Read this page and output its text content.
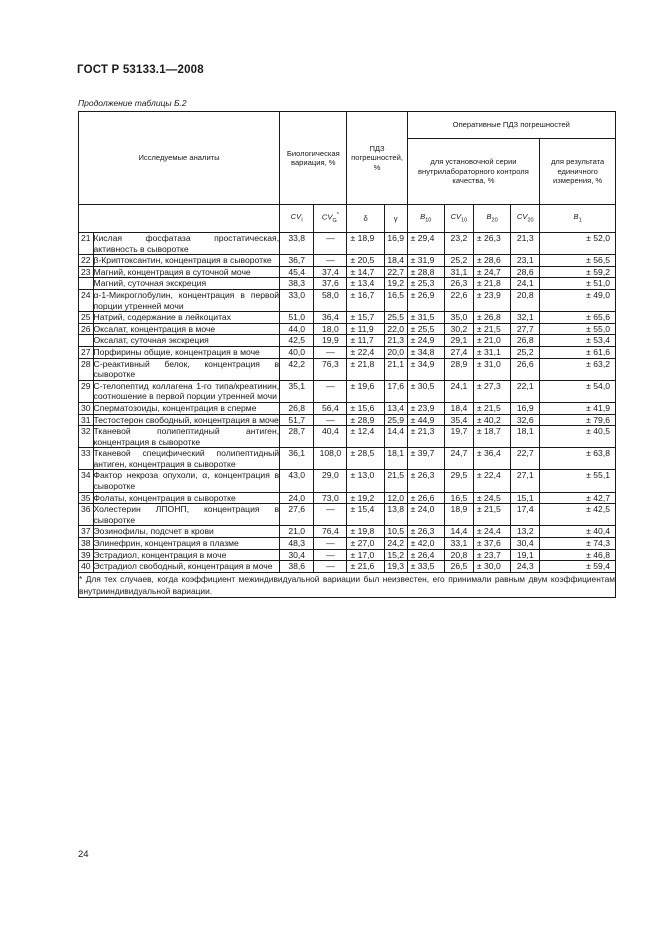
ГОСТ Р 53133.1—2008
Продолжение таблицы Б.2
Исследуемые аналиты		Биологическая вариация, %		ПДЗ погрешностей, %		Оперативные ПДЗ погрешностей				
						для установочной серии внутрилабораторного контроля качества, %				для результата единичного измерения, %
		$CV_I$	$CV_G^*$	δ	γ	$B_{10}$	$CV_{10}$	$B_{20}$	$CV_{20}$	$B_1$
21	Кислая фосфатаза простатическая, активность в сыворотке	33,8	—	± 18,9	16,9	± 29,4	23,2	± 26,3	21,3	± 52,0
22	β-Криптоксантин, концентрация в сыворотке	36,7	—	± 20,5	18,4	± 31,9	25,2	± 28,6	23,1	± 56,5
23	Магний, концентрация в суточной моче	45,4	37,4	± 14,7	22,7	± 28,8	31,1	± 24,7	28,6	± 59,2
	Магний, суточная экскреция	38,3	37,6	± 13,4	19,2	± 25,3	26,3	± 21,8	24,1	± 51,0
24	α-1-Микроглобулин, концентрация в первой порции утренней мочи	33,0	58,0	± 16,7	16,5	± 26,9	22,6	± 23,9	20,8	± 49,0
25	Натрий, содержание в лейкоцитах	51,0	36,4	± 15,7	25,5	± 31,5	35,0	± 26,8	32,1	± 65,6
26	Оксалат, концентрация в моче	44,0	18,0	± 11,9	22,0	± 25,5	30,2	± 21,5	27,7	± 55,0
	Оксалат, суточная экскреция	42,5	19,9	± 11,7	21,3	± 24,9	29,1	± 21,0	26,8	± 53,4
27	Порфирины общие, концентрация в моче	40,0	—	± 22,4	20,0	± 34,8	27,4	± 31,1	25,2	± 61,6
28	С-реактивный белок, концентрация в сыворотке	42,2	76,3	± 21,8	21,1	± 34,9	28,9	± 31,0	26,6	± 63,2
29	С-телопептид коллагена 1-го типа/креатинин, соотношение в первой порции утренней мочи	35,1	—	± 19,6	17,6	± 30,5	24,1	± 27,3	22,1	± 54,0
30	Сперматозоиды, концентрация в сперме	26,8	56,4	± 15,6	13,4	± 23,9	18,4	± 21,5	16,9	± 41,9
31	Тестостерон свободный, концентрация в моче	51,7	—	± 28,9	25,9	± 44,9	35,4	± 40,2	32,6	± 79,6
32	Тканевой полипептидный антиген, концентрация в сыворотке	28,7	40,4	± 12,4	14,4	± 21,3	19,7	± 18,7	18,1	± 40,5
33	Тканевой специфический полипептидный антиген, концентрация в сыворотке	36,1	108,0	± 28,5	18,1	± 39,7	24,7	± 36,4	22,7	± 63,8
34	Фактор некроза опухоли, α, концентрация в сыворотке	43,0	29,0	± 13,0	21,5	± 26,3	29,5	± 22,4	27,1	± 55,1
35	Фолаты, концентрация в сыворотке	24,0	73,0	± 19,2	12,0	± 26,6	16,5	± 24,5	15,1	± 42,7
36	Холестерин ЛПОНП, концентрация в сыворотке	27,6	—	± 15,4	13,8	± 24,0	18,9	± 21,5	17,4	± 42,5
37	Эозинофилы, подсчет в крови	21,0	76,4	± 19,8	10,5	± 26,3	14,4	± 24,4	13,2	± 40,4
38	Элинефрин, концентрация в плазме	48,3	—	± 27,0	24,2	± 42,0	33,1	± 37,6	30,4	± 74,3
39	Эстрадиол, концентрация в моче	30,4	—	± 17,0	15,2	± 26,4	20,8	± 23,7	19,1	± 46,8
40	Эстрадиол свободный, концентрация в моче	38,6	—	± 21,6	19,3	± 33,5	26,5	± 30,0	24,3	± 59,4
* Для тех случаев, когда коэффициент межиндивидуальной вариации был неизвестен, его принимали равным двум коэффициентам внутрииндивидуальной вариации.										
24
